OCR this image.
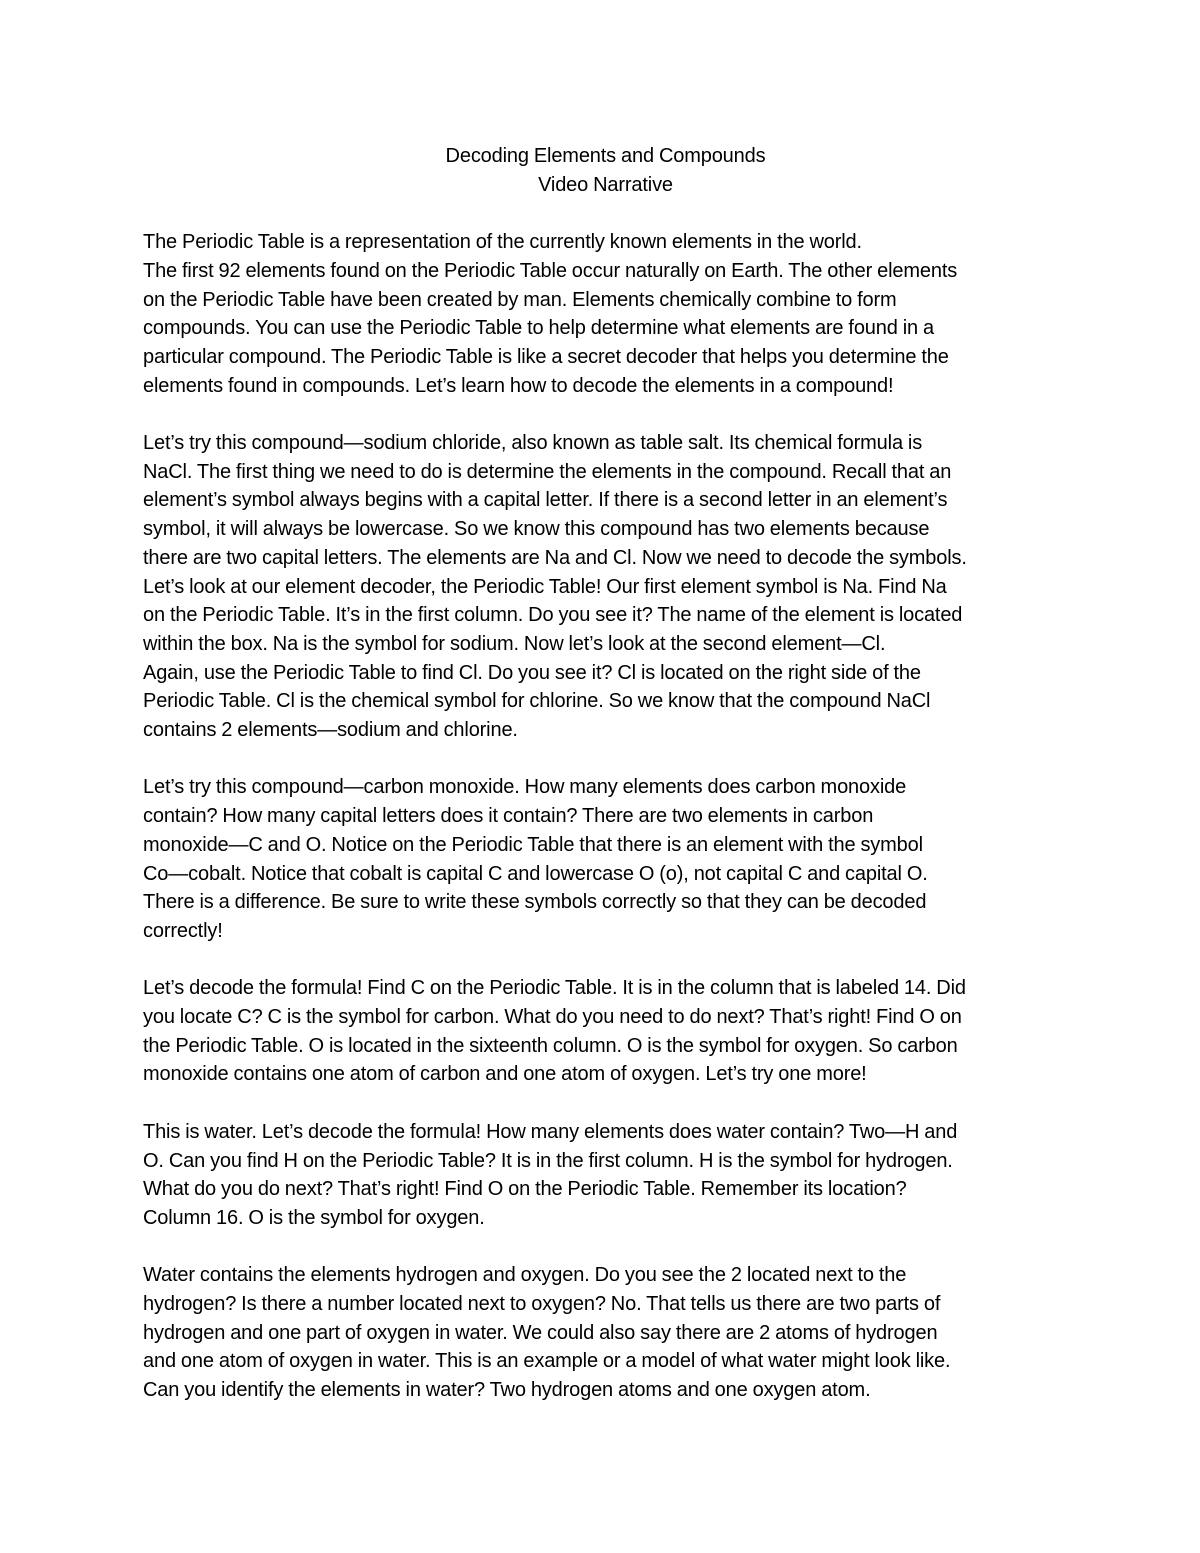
Decoding Elements and Compounds
Video Narrative
The Periodic Table is a representation of the currently known elements in the world.
The first 92 elements found on the Periodic Table occur naturally on Earth. The other elements
on the Periodic Table have been created by man. Elements chemically combine to form
compounds. You can use the Periodic Table to help determine what elements are found in a
particular compound. The Periodic Table is like a secret decoder that helps you determine the
elements found in compounds. Let’s learn how to decode the elements in a compound!
Let’s try this compound—sodium chloride, also known as table salt. Its chemical formula is
NaCl. The first thing we need to do is determine the elements in the compound. Recall that an
element’s symbol always begins with a capital letter. If there is a second letter in an element’s
symbol, it will always be lowercase. So we know this compound has two elements because
there are two capital letters. The elements are Na and Cl. Now we need to decode the symbols.
Let’s look at our element decoder, the Periodic Table! Our first element symbol is Na. Find Na
on the Periodic Table. It’s in the first column. Do you see it? The name of the element is located
within the box. Na is the symbol for sodium. Now let’s look at the second element—Cl.
Again, use the Periodic Table to find Cl. Do you see it? Cl is located on the right side of the
Periodic Table. Cl is the chemical symbol for chlorine. So we know that the compound NaCl
contains 2 elements—sodium and chlorine.
Let’s try this compound—carbon monoxide. How many elements does carbon monoxide
contain? How many capital letters does it contain? There are two elements in carbon
monoxide—C and O. Notice on the Periodic Table that there is an element with the symbol
Co—cobalt. Notice that cobalt is capital C and lowercase O (o), not capital C and capital O.
There is a difference. Be sure to write these symbols correctly so that they can be decoded
correctly!
Let’s decode the formula! Find C on the Periodic Table. It is in the column that is labeled 14. Did
you locate C? C is the symbol for carbon. What do you need to do next? That’s right! Find O on
the Periodic Table. O is located in the sixteenth column. O is the symbol for oxygen. So carbon
monoxide contains one atom of carbon and one atom of oxygen. Let’s try one more!
This is water. Let’s decode the formula! How many elements does water contain? Two—H and
O. Can you find H on the Periodic Table? It is in the first column. H is the symbol for hydrogen.
What do you do next? That’s right! Find O on the Periodic Table. Remember its location?
Column 16. O is the symbol for oxygen.
Water contains the elements hydrogen and oxygen. Do you see the 2 located next to the
hydrogen? Is there a number located next to oxygen? No. That tells us there are two parts of
hydrogen and one part of oxygen in water. We could also say there are 2 atoms of hydrogen
and one atom of oxygen in water. This is an example or a model of what water might look like.
Can you identify the elements in water? Two hydrogen atoms and one oxygen atom.
